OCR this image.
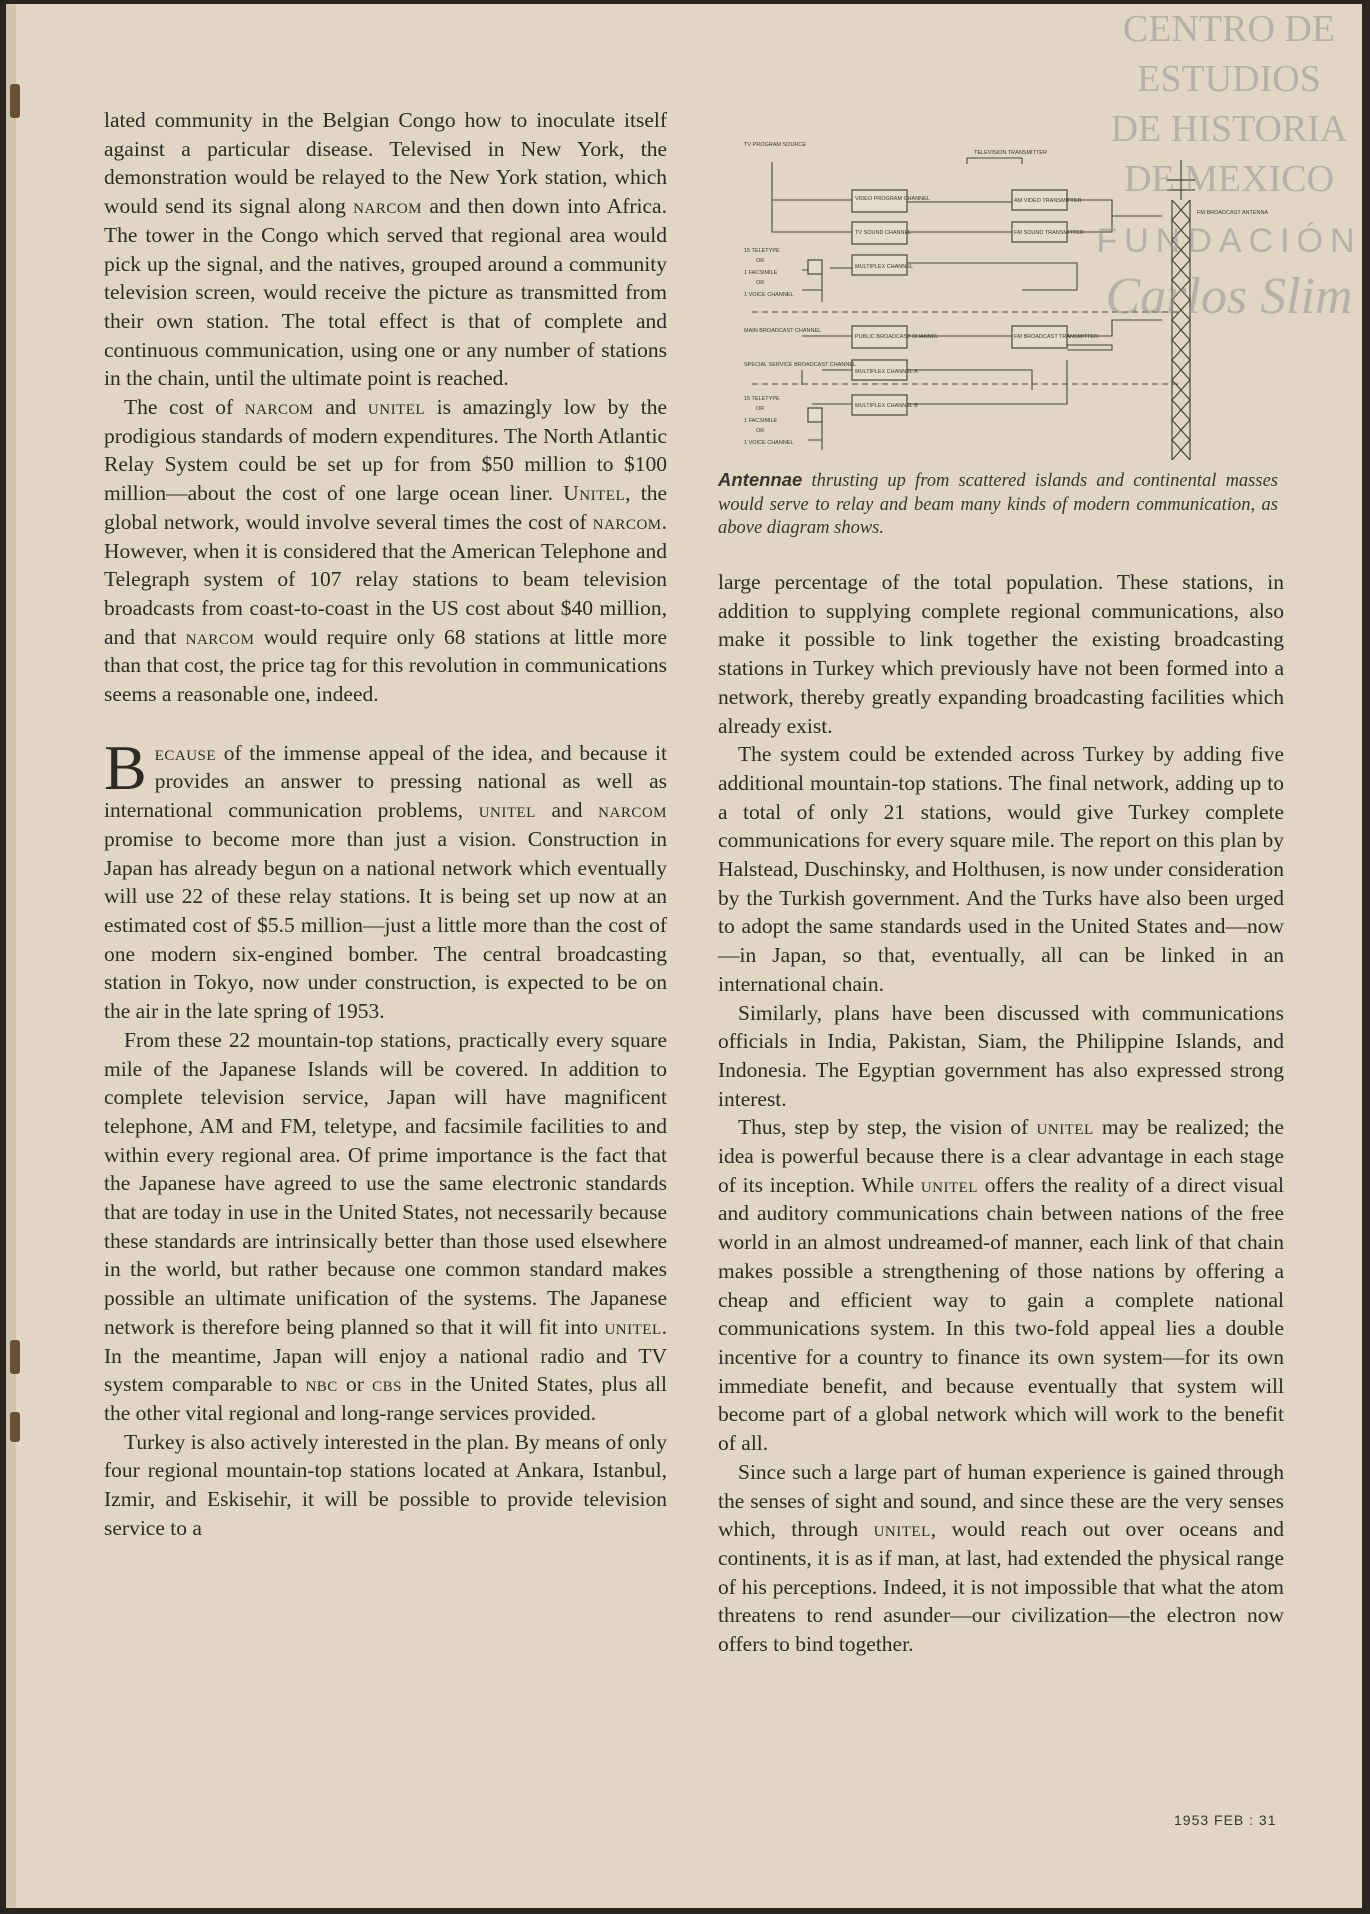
lated community in the Belgian Congo how to inoculate itself against a particular disease. Televised in New York, the demonstration would be relayed to the New York station, which would send its signal along narcom and then down into Africa. The tower in the Congo which served that regional area would pick up the signal, and the natives, grouped around a community television screen, would receive the picture as transmitted from their own station. The total effect is that of complete and continuous communication, using one or any number of stations in the chain, until the ultimate point is reached.

The cost of narcom and unitel is amazingly low by the prodigious standards of modern expenditures. The North Atlantic Relay System could be set up for from $50 million to $100 million—about the cost of one large ocean liner. Unitel, the global network, would involve several times the cost of narcom. However, when it is considered that the American Telephone and Telegraph system of 107 relay stations to beam television broadcasts from coast-to-coast in the US cost about $40 million, and that narcom would require only 68 stations at little more than that cost, the price tag for this revolution in communications seems a reasonable one, indeed.

Because of the immense appeal of the idea, and because it provides an answer to pressing national as well as international communication problems, unitel and narcom promise to become more than just a vision. Construction in Japan has already begun on a national network which eventually will use 22 of these relay stations. It is being set up now at an estimated cost of $5.5 million—just a little more than the cost of one modern six-engined bomber. The central broadcasting station in Tokyo, now under construction, is expected to be on the air in the late spring of 1953.

From these 22 mountain-top stations, practically every square mile of the Japanese Islands will be covered. In addition to complete television service, Japan will have magnificent telephone, AM and FM, teletype, and facsimile facilities to and within every regional area. Of prime importance is the fact that the Japanese have agreed to use the same electronic standards that are today in use in the United States, not necessarily because these standards are intrinsically better than those used elsewhere in the world, but rather because one common standard makes possible an ultimate unification of the systems. The Japanese network is therefore being planned so that it will fit into unitel. In the meantime, Japan will enjoy a national radio and TV system comparable to nbc or cbs in the United States, plus all the other vital regional and long-range services provided.

Turkey is also actively interested in the plan. By means of only four regional mountain-top stations located at Ankara, Istanbul, Izmir, and Eskisehir, it will be possible to provide television service to a

TV PROGRAM SOURCE
TELEVISION TRANSMITTER
VIDEO PROGRAM CHANNEL	AM VIDEO TRANSMITTER
TV SOUND CHANNEL	FM SOUND TRANSMITTER
FM BROADCAST ANTENNA
15 TELETYPE
OR
1 FACSIMILE
OR
1 VOICE CHANNEL
MULTIPLEX CHANNEL
MAIN BROADCAST CHANNEL
PUBLIC BROADCAST CHANNEL	FM BROADCAST TRANSMITTER
SPECIAL SERVICE BROADCAST CHANNEL
MULTIPLEX CHANNEL A
15 TELETYPE
OR
1 FACSIMILE
OR
1 VOICE CHANNEL
MULTIPLEX CHANNEL B
Antennae thrusting up from scattered islands and continental masses would serve to relay and beam many kinds of modern communication, as above diagram shows.

large percentage of the total population. These stations, in addition to supplying complete regional communications, also make it possible to link together the existing broadcasting stations in Turkey which previously have not been formed into a network, thereby greatly expanding broadcasting facilities which already exist.

The system could be extended across Turkey by adding five additional mountain-top stations. The final network, adding up to a total of only 21 stations, would give Turkey complete communications for every square mile. The report on this plan by Halstead, Duschinsky, and Holthusen, is now under consideration by the Turkish government. And the Turks have also been urged to adopt the same standards used in the United States and—now—in Japan, so that, eventually, all can be linked in an international chain.

Similarly, plans have been discussed with communications officials in India, Pakistan, Siam, the Philippine Islands, and Indonesia. The Egyptian government has also expressed strong interest.

Thus, step by step, the vision of unitel may be realized; the idea is powerful because there is a clear advantage in each stage of its inception. While unitel offers the reality of a direct visual and auditory communications chain between nations of the free world in an almost undreamed-of manner, each link of that chain makes possible a strengthening of those nations by offering a cheap and efficient way to gain a complete national communications system. In this two-fold appeal lies a double incentive for a country to finance its own system—for its own immediate benefit, and because eventually that system will become part of a global network which will work to the benefit of all.

Since such a large part of human experience is gained through the senses of sight and sound, and since these are the very senses which, through unitel, would reach out over oceans and continents, it is as if man, at last, had extended the physical range of his perceptions. Indeed, it is not impossible that what the atom threatens to rend asunder—our civilization—the electron now offers to bind together.

1953 FEB : 31
CENTRO DE
ESTUDIOS
DE HISTORIA
DE MEXICO
FUNDACIÓN
Carlos Slim
